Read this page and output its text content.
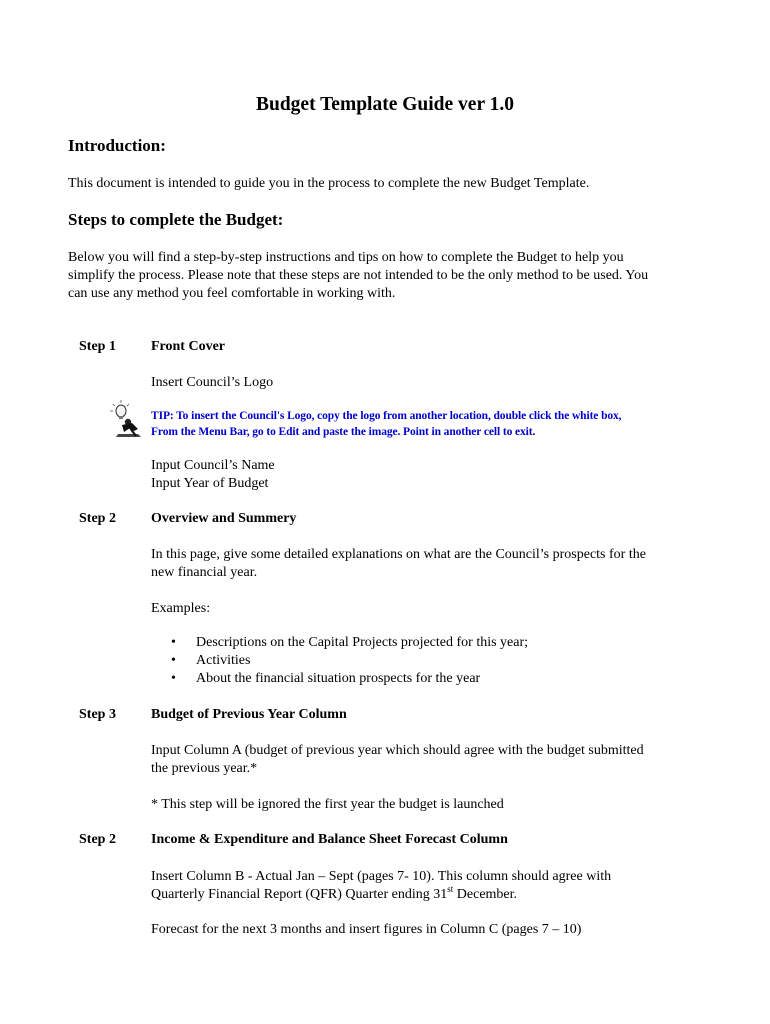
Budget Template Guide ver 1.0
Introduction:
This document is intended to guide you in the process to complete the new Budget Template.
Steps to complete the Budget:
Below you will find a step-by-step instructions and tips on how to complete the Budget to help you
simplify the process. Please note that these steps are not intended to be the only method to be used. You
can use any method you feel comfortable in working with.
Step 1	Front Cover
Insert Council’s Logo
TIP: To insert the Council's Logo, copy the logo from another location, double click the white box,
From the Menu Bar, go to Edit and paste the image. Point in another cell to exit.
Input Council’s Name
Input Year of Budget
Step 2	Overview and Summery
In this page, give some detailed explanations on what are the Council’s prospects for the
new financial year.
Examples:
• Descriptions on the Capital Projects projected for this year;
• Activities
• About the financial situation prospects for the year
Step 3	Budget of Previous Year Column
Input Column A (budget of previous year which should agree with the budget submitted
the previous year.*
* This step will be ignored the first year the budget is launched
Step 2	Income & Expenditure and Balance Sheet Forecast Column
Insert Column B - Actual Jan – Sept (pages 7- 10). This column should agree with
Quarterly Financial Report (QFR) Quarter ending 31st December.
Forecast for the next 3 months and insert figures in Column C (pages 7 – 10)
